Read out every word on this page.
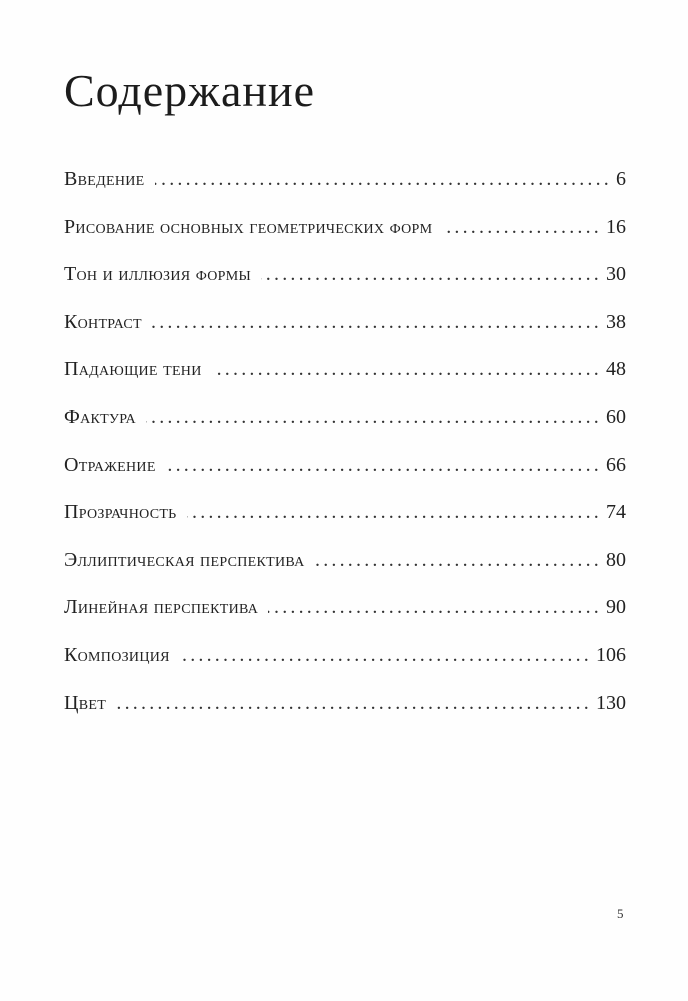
Содержание
Введение .....	6
Рисование основных геометрических форм .....	16
Тон и иллюзия формы .....	30
Контраст .....	38
Падающие тени .....	48
Фактура .....	60
Отражение .....	66
Прозрачность .....	74
Эллиптическая перспектива .....	80
Линейная перспектива .....	90
Композиция .....	106
Цвет .....	130
5
